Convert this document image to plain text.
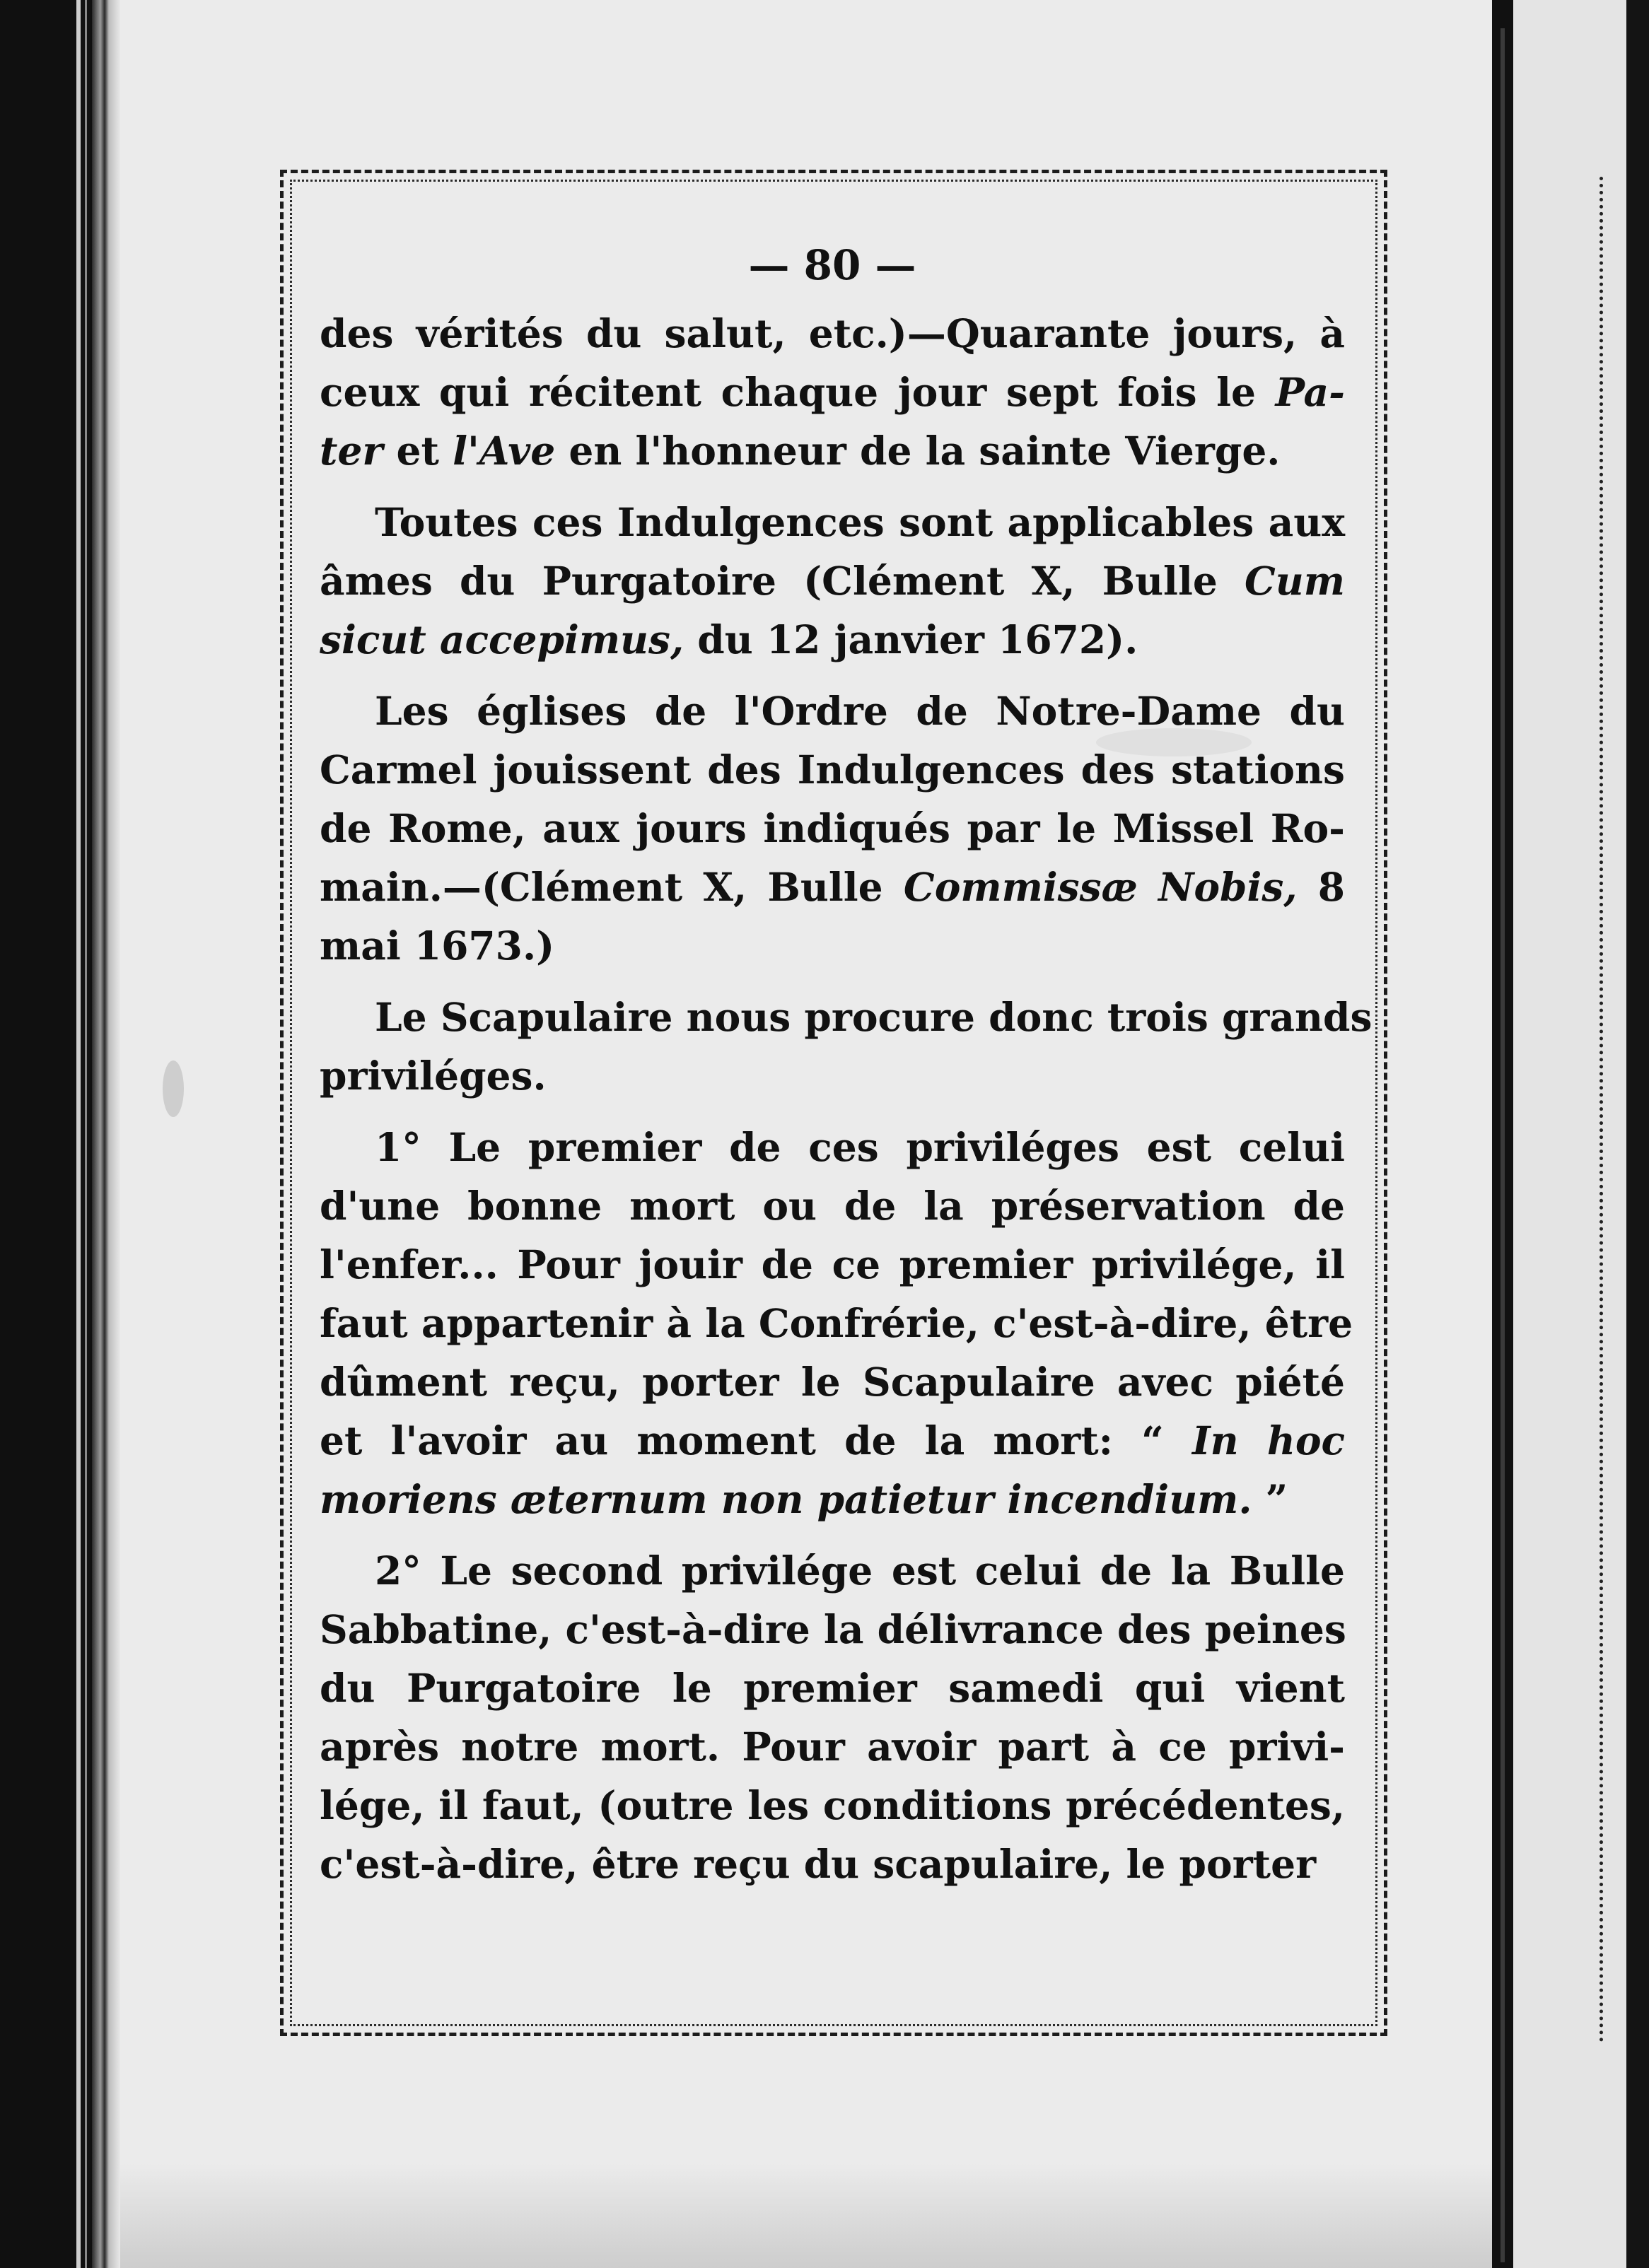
— 80 —
des vérités du salut, etc.)—Quarante jours, à
ceux qui récitent chaque jour sept fois le Pa-
ter et l'Ave en l'honneur de la sainte Vierge.
Toutes ces Indulgences sont applicables aux
âmes du Purgatoire (Clément X, Bulle Cum
sicut accepimus, du 12 janvier 1672).
Les églises de l'Ordre de Notre-Dame du
Carmel jouissent des Indulgences des stations
de Rome, aux jours indiqués par le Missel Ro-
main.—(Clément X, Bulle Commissæ Nobis, 8
mai 1673.)
Le Scapulaire nous procure donc trois grands
priviléges.
1° Le premier de ces priviléges est celui
d'une bonne mort ou de la préservation de
l'enfer... Pour jouir de ce premier privilége, il
faut appartenir à la Confrérie, c'est-à-dire, être
dûment reçu, porter le Scapulaire avec piété
et l'avoir au moment de la mort: “ In hoc
moriens æternum non patietur incendium. ”
2° Le second privilége est celui de la Bulle
Sabbatine, c'est-à-dire la délivrance des peines
du Purgatoire le premier samedi qui vient
après notre mort. Pour avoir part à ce privi-
lége, il faut, (outre les conditions précédentes,
c'est-à-dire, être reçu du scapulaire, le porter
